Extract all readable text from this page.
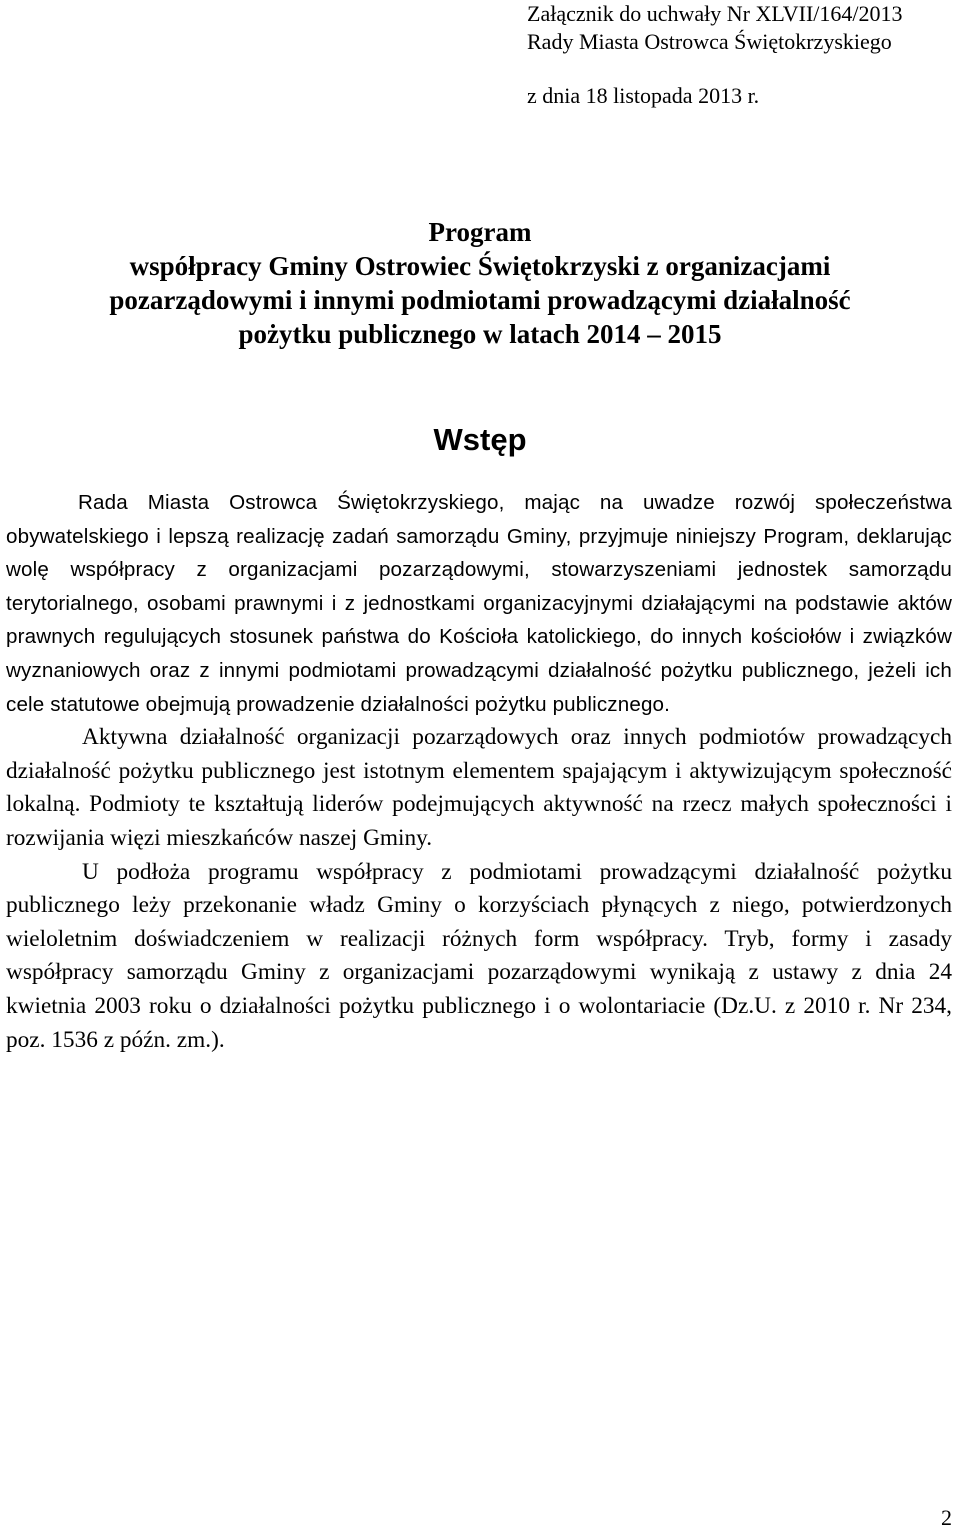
Załącznik do uchwały Nr XLVII/164/2013
Rady Miasta Ostrowca Świętokrzyskiego
z dnia 18 listopada 2013 r.
Program
współpracy Gminy Ostrowiec Świętokrzyski z organizacjami
pozarządowymi i innymi podmiotami prowadzącymi działalność
pożytku publicznego w latach 2014 – 2015
Wstęp

Rada Miasta Ostrowca Świętokrzyskiego, mając na uwadze rozwój społeczeństwa obywatelskiego i lepszą realizację zadań samorządu Gminy, przyjmuje niniejszy Program, deklarując wolę współpracy z organizacjami pozarządowymi, stowarzyszeniami jednostek samorządu terytorialnego, osobami prawnymi i z jednostkami organizacyjnymi działającymi na podstawie aktów prawnych regulujących stosunek państwa do Kościoła katolickiego, do innych kościołów i związków wyznaniowych oraz z innymi podmiotami prowadzącymi działalność pożytku publicznego, jeżeli ich cele statutowe obejmują prowadzenie działalności pożytku publicznego.

Aktywna działalność organizacji pozarządowych oraz innych podmiotów prowadzących działalność pożytku publicznego jest istotnym elementem spajającym i aktywizującym społeczność lokalną. Podmioty te kształtują liderów podejmujących aktywność na rzecz małych społeczności i rozwijania więzi mieszkańców naszej Gminy.

U podłoża programu współpracy z podmiotami prowadzącymi działalność pożytku publicznego leży przekonanie władz Gminy o korzyściach płynących z niego, potwierdzonych wieloletnim doświadczeniem w realizacji różnych form współpracy. Tryb, formy i zasady współpracy samorządu Gminy z organizacjami pozarządowymi wynikają z ustawy z dnia 24 kwietnia 2003 roku o działalności pożytku publicznego i o wolontariacie (Dz.U. z 2010 r. Nr 234, poz. 1536 z późn. zm.).

2
